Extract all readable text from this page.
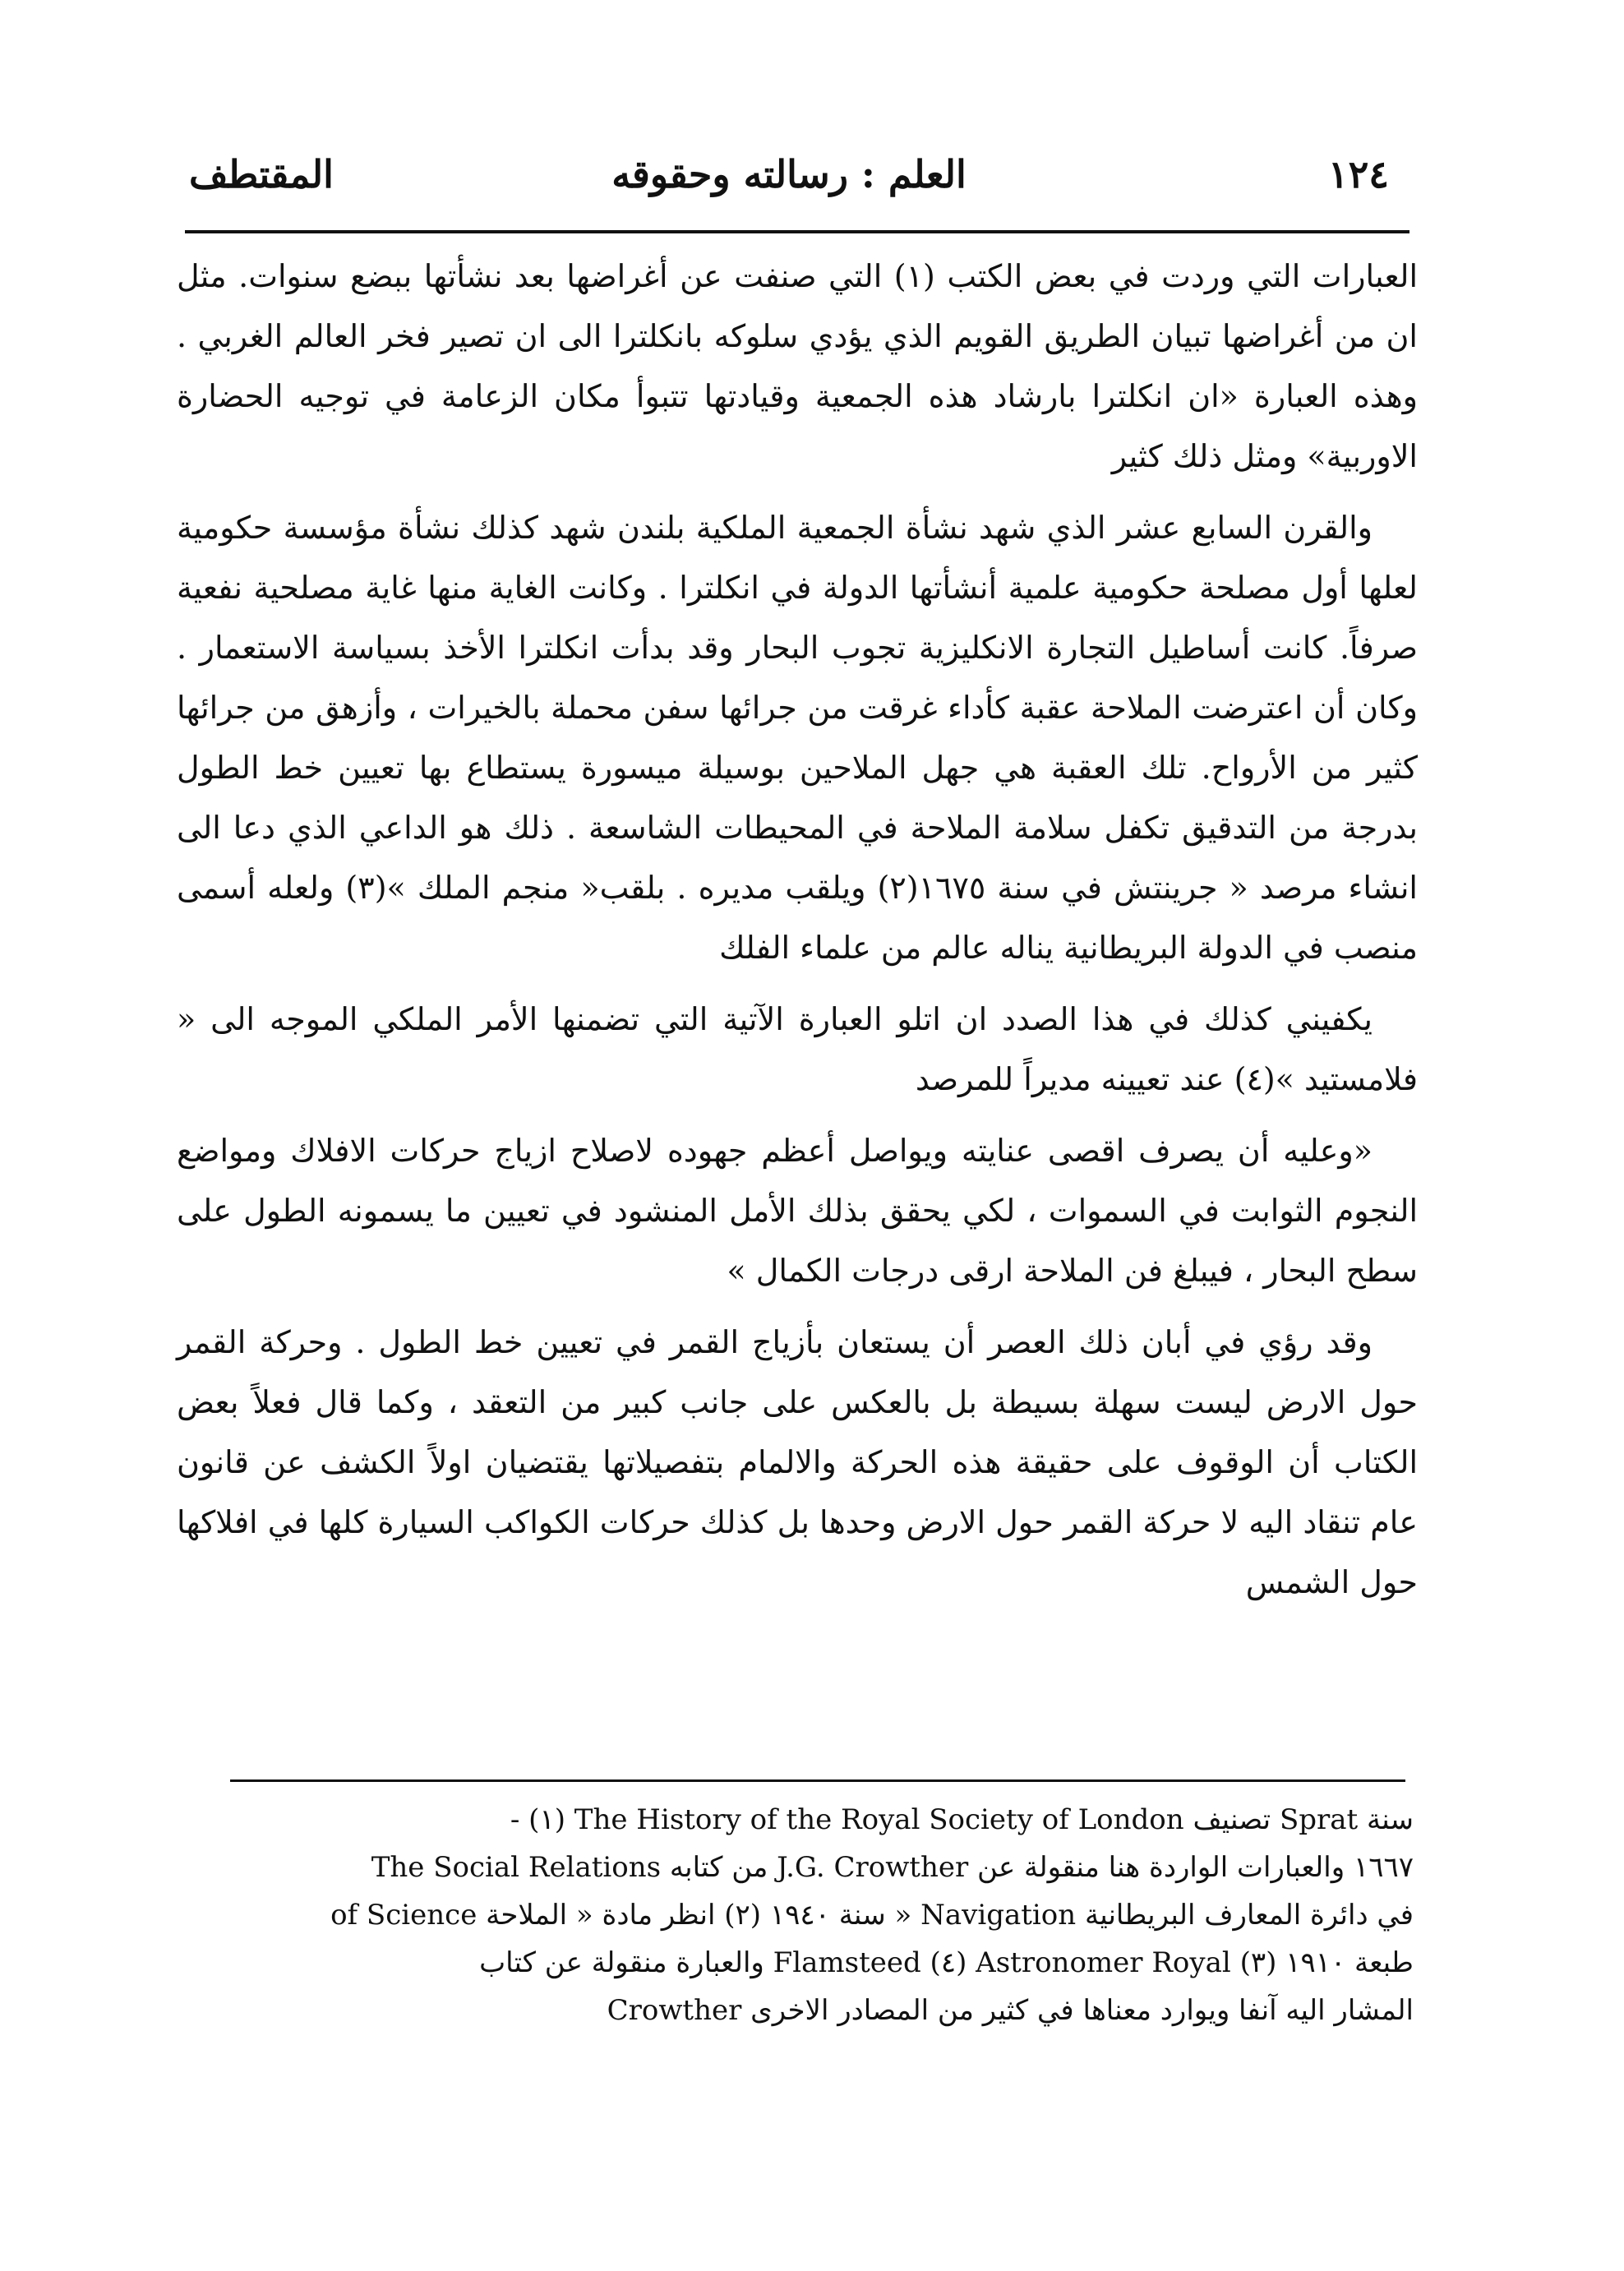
١٢٤
العلم : رسالته وحقوقه
المقتطف

العبارات التي وردت في بعض الكتب (١) التي صنفت عن أغراضها بعد نشأتها ببضع سنوات. مثل ان من أغراضها تبيان الطريق القويم الذي يؤدي سلوكه بانكلترا الى ان تصير فخر العالم الغربي . وهذه العبارة «ان انكلترا بارشاد هذه الجمعية وقيادتها تتبوأ مكان الزعامة في توجيه الحضارة الاوربية» ومثل ذلك كثير

والقرن السابع عشر الذي شهد نشأة الجمعية الملكية بلندن شهد كذلك نشأة مؤسسة حكومية لعلها أول مصلحة حكومية علمية أنشأتها الدولة في انكلترا . وكانت الغاية منها غاية مصلحية نفعية صرفاً. كانت أساطيل التجارة الانكليزية تجوب البحار وقد بدأت انكلترا الأخذ بسياسة الاستعمار . وكان أن اعترضت الملاحة عقبة كأداء غرقت من جرائها سفن محملة بالخيرات ، وأزهق من جرائها كثير من الأرواح. تلك العقبة هي جهل الملاحين بوسيلة ميسورة يستطاع بها تعيين خط الطول بدرجة من التدقيق تكفل سلامة الملاحة في المحيطات الشاسعة . ذلك هو الداعي الذي دعا الى انشاء مرصد « جرينتش في سنة ١٦٧٥(٢) ويلقب مديره . بلقب« منجم الملك »(٣) ولعله أسمى منصب في الدولة البريطانية يناله عالم من علماء الفلك

يكفيني كذلك في هذا الصدد ان اتلو العبارة الآتية التي تضمنها الأمر الملكي الموجه الى « فلامستيد »(٤) عند تعيينه مديراً للمرصد

«وعليه أن يصرف اقصى عنايته ويواصل أعظم جهوده لاصلاح ازياج حركات الافلاك ومواضع النجوم الثوابت في السموات ، لكي يحقق بذلك الأمل المنشود في تعيين ما يسمونه الطول على سطح البحار ، فيبلغ فن الملاحة ارقى درجات الكمال »

وقد رؤي في أبان ذلك العصر أن يستعان بأزياج القمر في تعيين خط الطول . وحركة القمر حول الارض ليست سهلة بسيطة بل بالعكس على جانب كبير من التعقد ، وكما قال فعلاً بعض الكتاب أن الوقوف على حقيقة هذه الحركة والالمام بتفصيلاتها يقتضيان اولاً الكشف عن قانون عام تنقاد اليه لا حركة القمر حول الارض وحدها بل كذلك حركات الكواكب السيارة كلها في افلاكها حول الشمس

- (١) The History of the Royal Society of London تصنيف Sprat سنة

١٦٦٧ والعبارات الواردة هنا منقولة عن J.G. Crowther من كتابه The Social Relations

of Science سنة ١٩٤٠ (٢) انظر مادة « الملاحة » Navigation في دائرة المعارف البريطانية

طبعة ١٩١٠ (٣) Astronomer Royal (٤) Flamsteed والعبارة منقولة عن كتاب

Crowther المشار اليه آنفا ويوارد معناها في كثير من المصادر الاخرى
